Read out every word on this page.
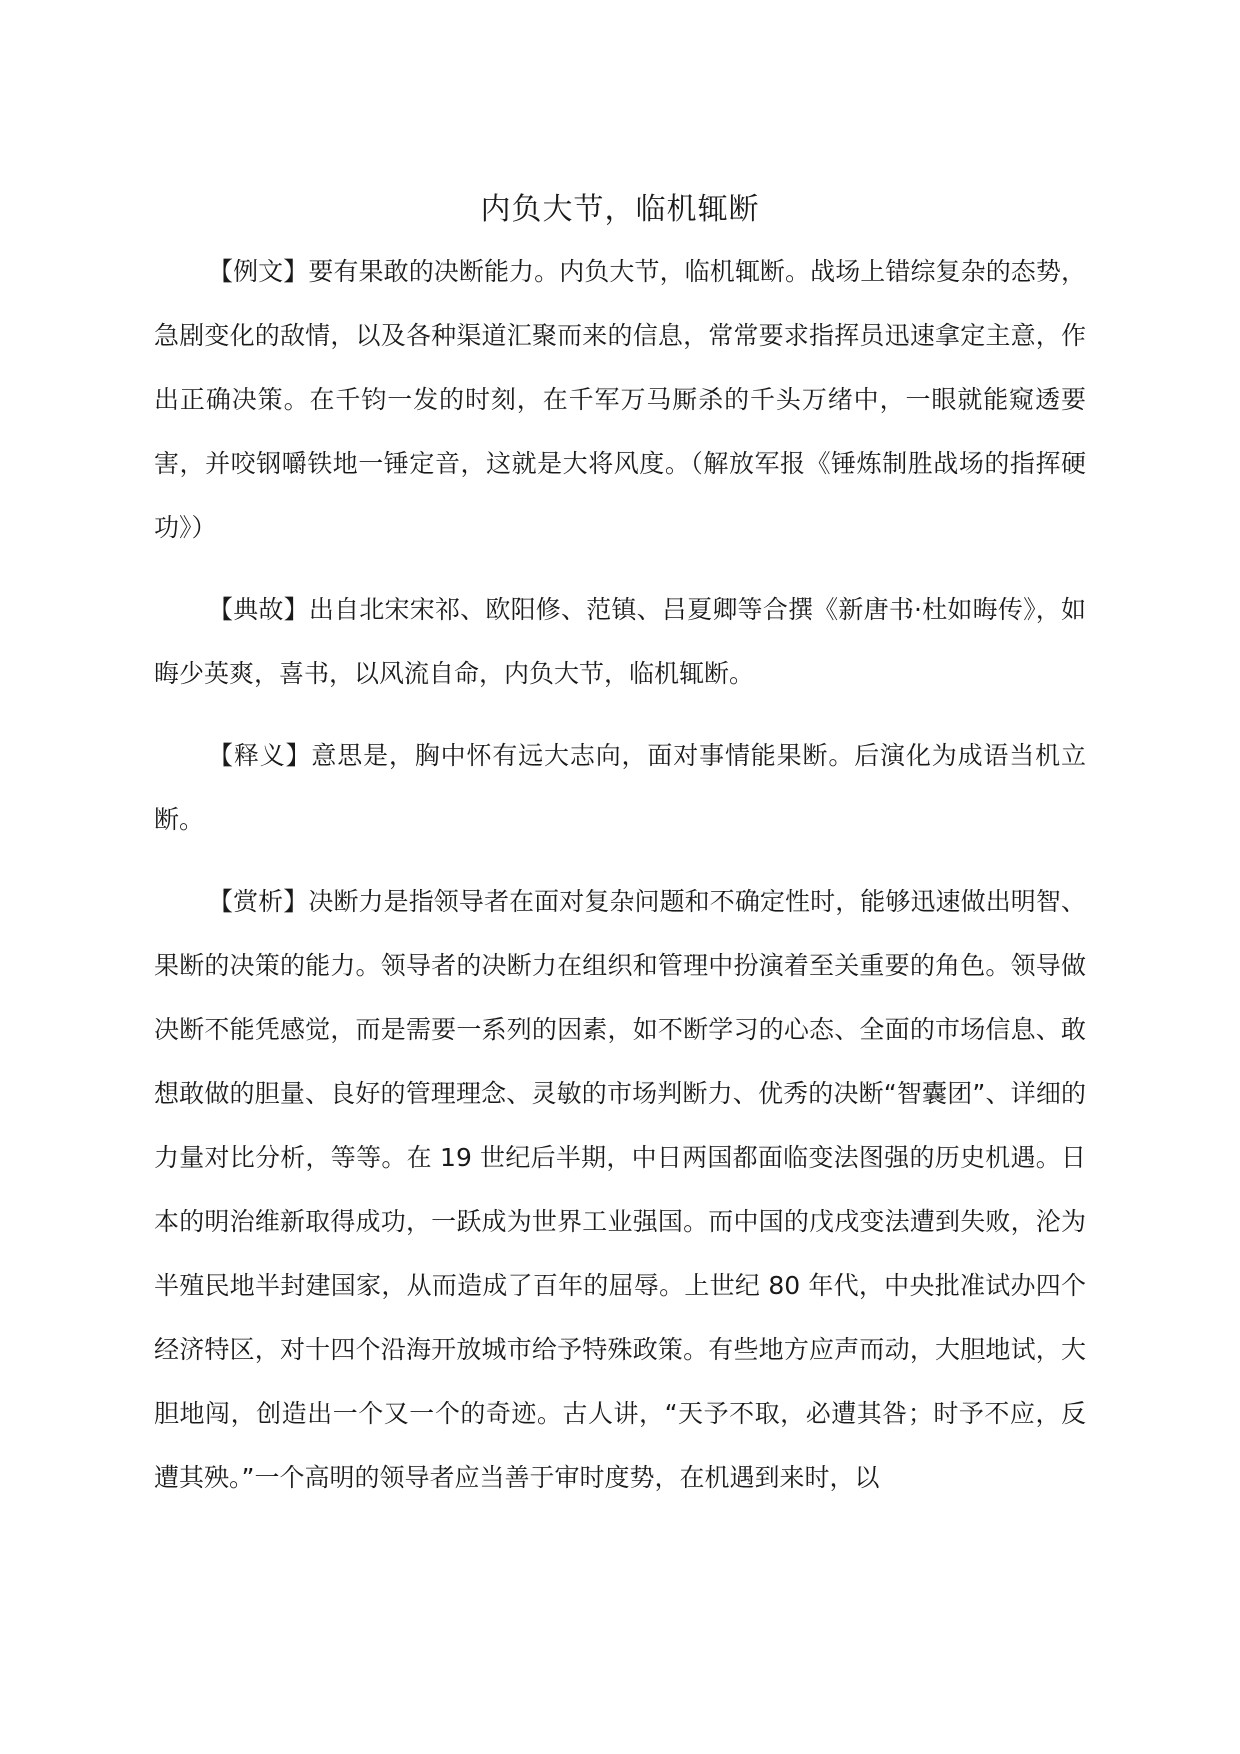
内负大节，临机辄断

【例文】要有果敢的决断能力。内负大节，临机辄断。战场上错综复杂的态势，急剧变化的敌情，以及各种渠道汇聚而来的信息，常常要求指挥员迅速拿定主意，作出正确决策。在千钧一发的时刻，在千军万马厮杀的千头万绪中，一眼就能窥透要害，并咬钢嚼铁地一锤定音，这就是大将风度。（解放军报《锤炼制胜战场的指挥硬功》）

【典故】出自北宋宋祁、欧阳修、范镇、吕夏卿等合撰《新唐书·杜如晦传》，如晦少英爽，喜书，以风流自命，内负大节，临机辄断。

【释义】意思是，胸中怀有远大志向，面对事情能果断。后演化为成语当机立断。

【赏析】决断力是指领导者在面对复杂问题和不确定性时，能够迅速做出明智、果断的决策的能力。领导者的决断力在组织和管理中扮演着至关重要的角色。领导做决断不能凭感觉，而是需要一系列的因素，如不断学习的心态、全面的市场信息、敢想敢做的胆量、良好的管理理念、灵敏的市场判断力、优秀的决断“智囊团”、详细的力量对比分析，等等。在 19 世纪后半期，中日两国都面临变法图强的历史机遇。日本的明治维新取得成功，一跃成为世界工业强国。而中国的戊戌变法遭到失败，沦为半殖民地半封建国家，从而造成了百年的屈辱。上世纪 80 年代，中央批准试办四个经济特区，对十四个沿海开放城市给予特殊政策。有些地方应声而动，大胆地试，大胆地闯，创造出一个又一个的奇迹。古人讲，“天予不取，必遭其咎；时予不应，反遭其殃。”一个高明的领导者应当善于审时度势，在机遇到来时，以
